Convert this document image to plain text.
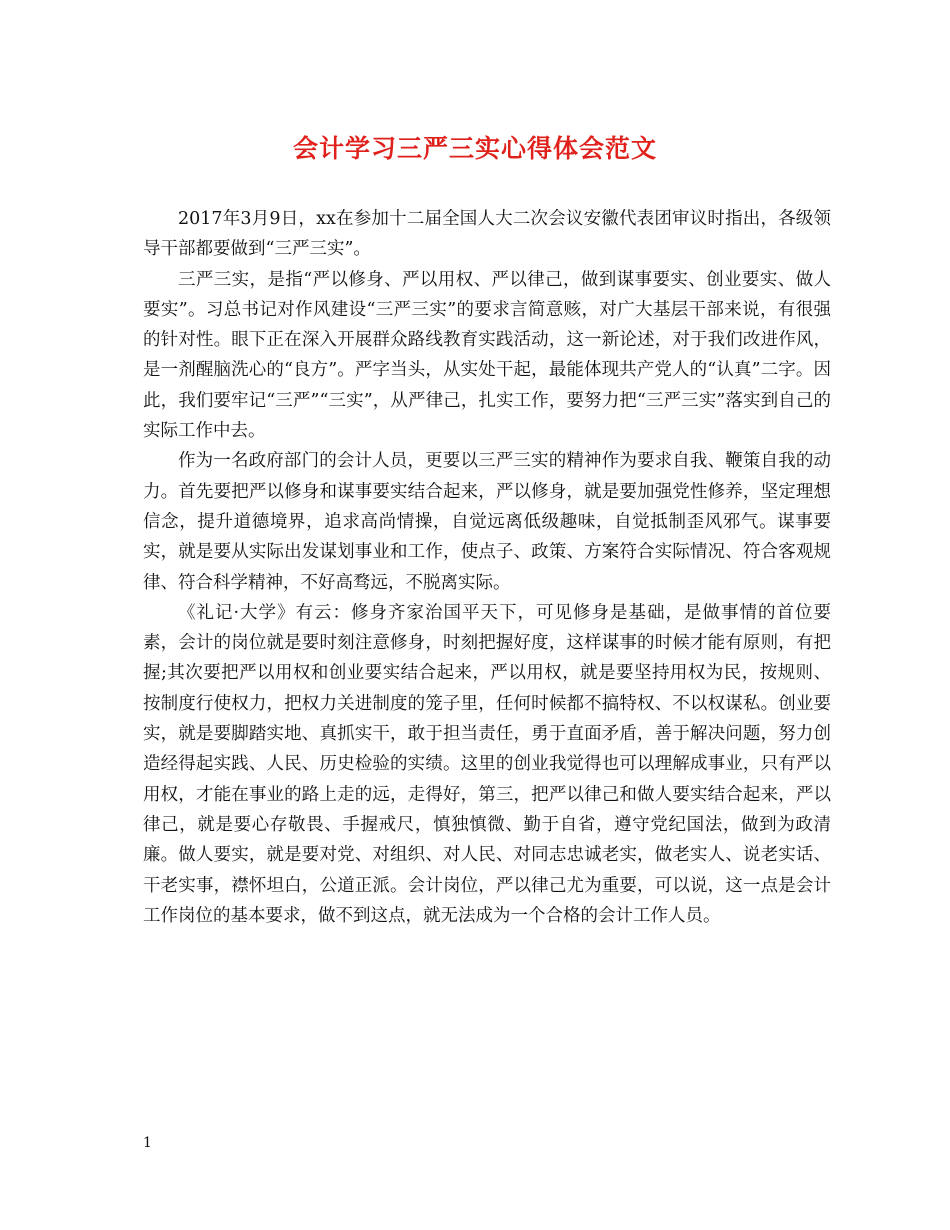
会计学习三严三实心得体会范文

2017年3月9日，xx在参加十二届全国人大二次会议安徽代表团审议时指出，各级领导干部都要做到“三严三实”。

三严三实，是指“严以修身、严以用权、严以律己，做到谋事要实、创业要实、做人要实”。习总书记对作风建设“三严三实”的要求言简意赅，对广大基层干部来说，有很强的针对性。眼下正在深入开展群众路线教育实践活动，这一新论述，对于我们改进作风，是一剂醒脑洗心的“良方”。严字当头，从实处干起，最能体现共产党人的“认真”二字。因此，我们要牢记“三严”“三实”，从严律己，扎实工作，要努力把“三严三实”落实到自己的实际工作中去。

作为一名政府部门的会计人员，更要以三严三实的精神作为要求自我、鞭策自我的动力。首先要把严以修身和谋事要实结合起来，严以修身，就是要加强党性修养，坚定理想信念，提升道德境界，追求高尚情操，自觉远离低级趣味，自觉抵制歪风邪气。谋事要实，就是要从实际出发谋划事业和工作，使点子、政策、方案符合实际情况、符合客观规律、符合科学精神，不好高骛远，不脱离实际。

《礼记·大学》有云：修身齐家治国平天下，可见修身是基础，是做事情的首位要素，会计的岗位就是要时刻注意修身，时刻把握好度，这样谋事的时候才能有原则，有把握;其次要把严以用权和创业要实结合起来，严以用权，就是要坚持用权为民，按规则、按制度行使权力，把权力关进制度的笼子里，任何时候都不搞特权、不以权谋私。创业要实，就是要脚踏实地、真抓实干，敢于担当责任，勇于直面矛盾，善于解决问题，努力创造经得起实践、人民、历史检验的实绩。这里的创业我觉得也可以理解成事业，只有严以用权，才能在事业的路上走的远，走得好，第三，把严以律己和做人要实结合起来，严以律己，就是要心存敬畏、手握戒尺，慎独慎微、勤于自省，遵守党纪国法，做到为政清廉。做人要实，就是要对党、对组织、对人民、对同志忠诚老实，做老实人、说老实话、干老实事，襟怀坦白，公道正派。会计岗位，严以律己尤为重要，可以说，这一点是会计工作岗位的基本要求，做不到这点，就无法成为一个合格的会计工作人员。

1
